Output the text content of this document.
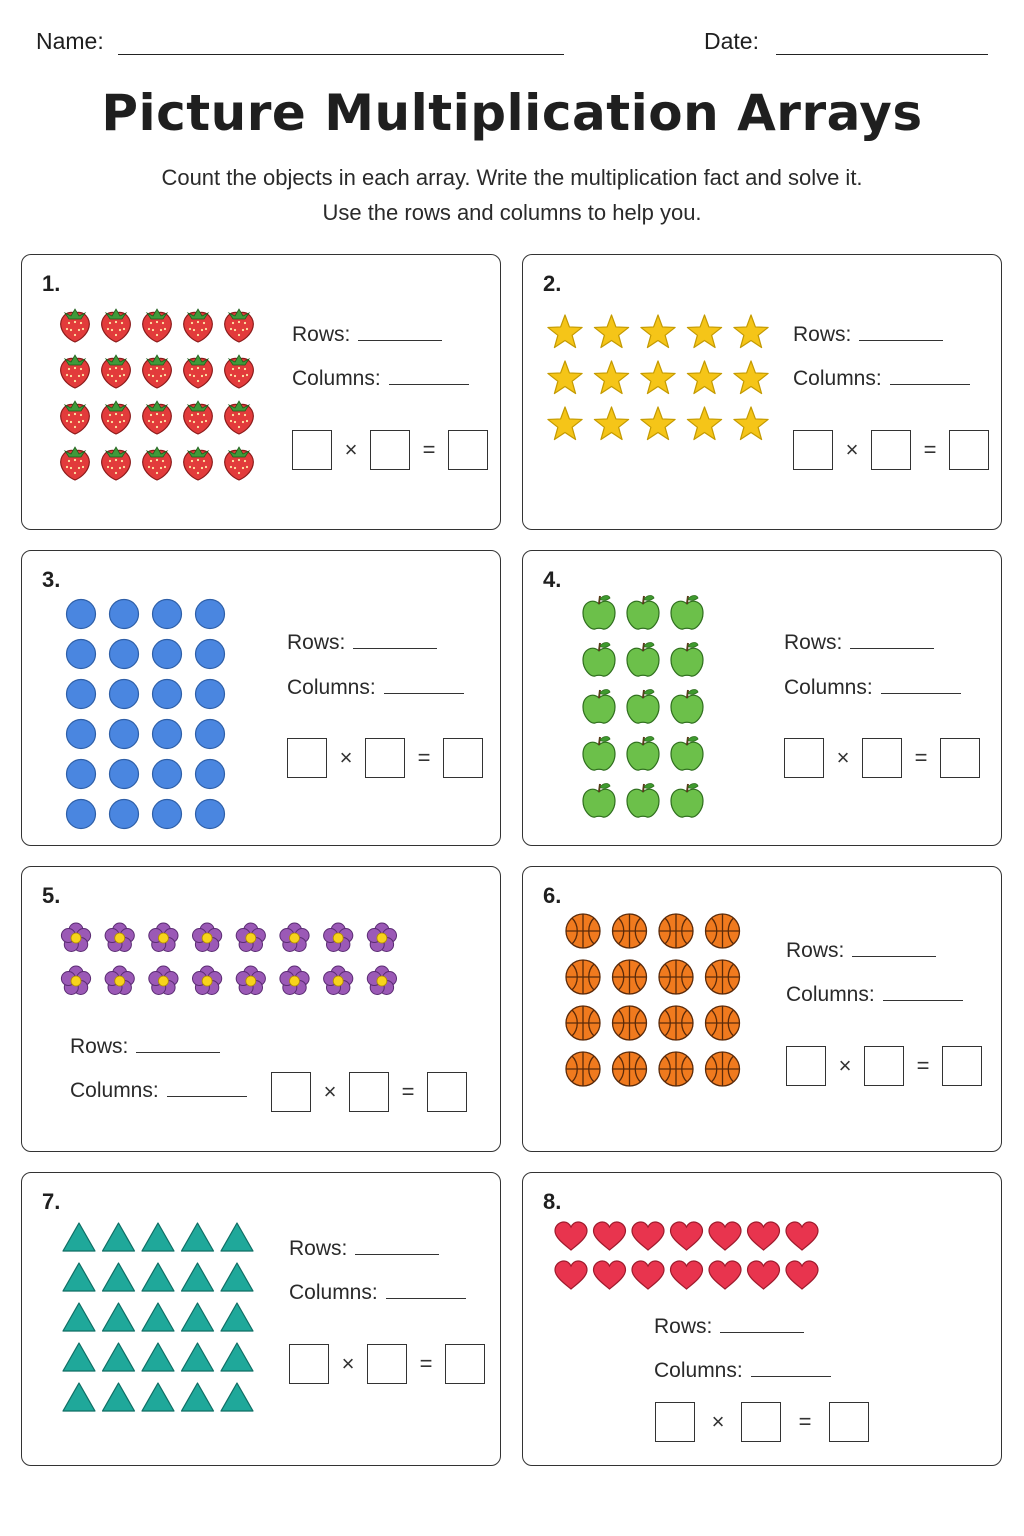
Name:	Date:
Picture Multiplication Arrays
Count the objects in each array. Write the multiplication fact and solve it.
Use the rows and columns to help you.
1.
Rows:
Columns:
×	=
2.
Rows:
Columns:
×	=
3.
Rows:
Columns:
×	=
4.
Rows:
Columns:
×	=
5.
Rows:
Columns:	×	=
6.
Rows:
Columns:
×	=
7.
Rows:
Columns:
×	=
8.
Rows:
Columns:
×	=
